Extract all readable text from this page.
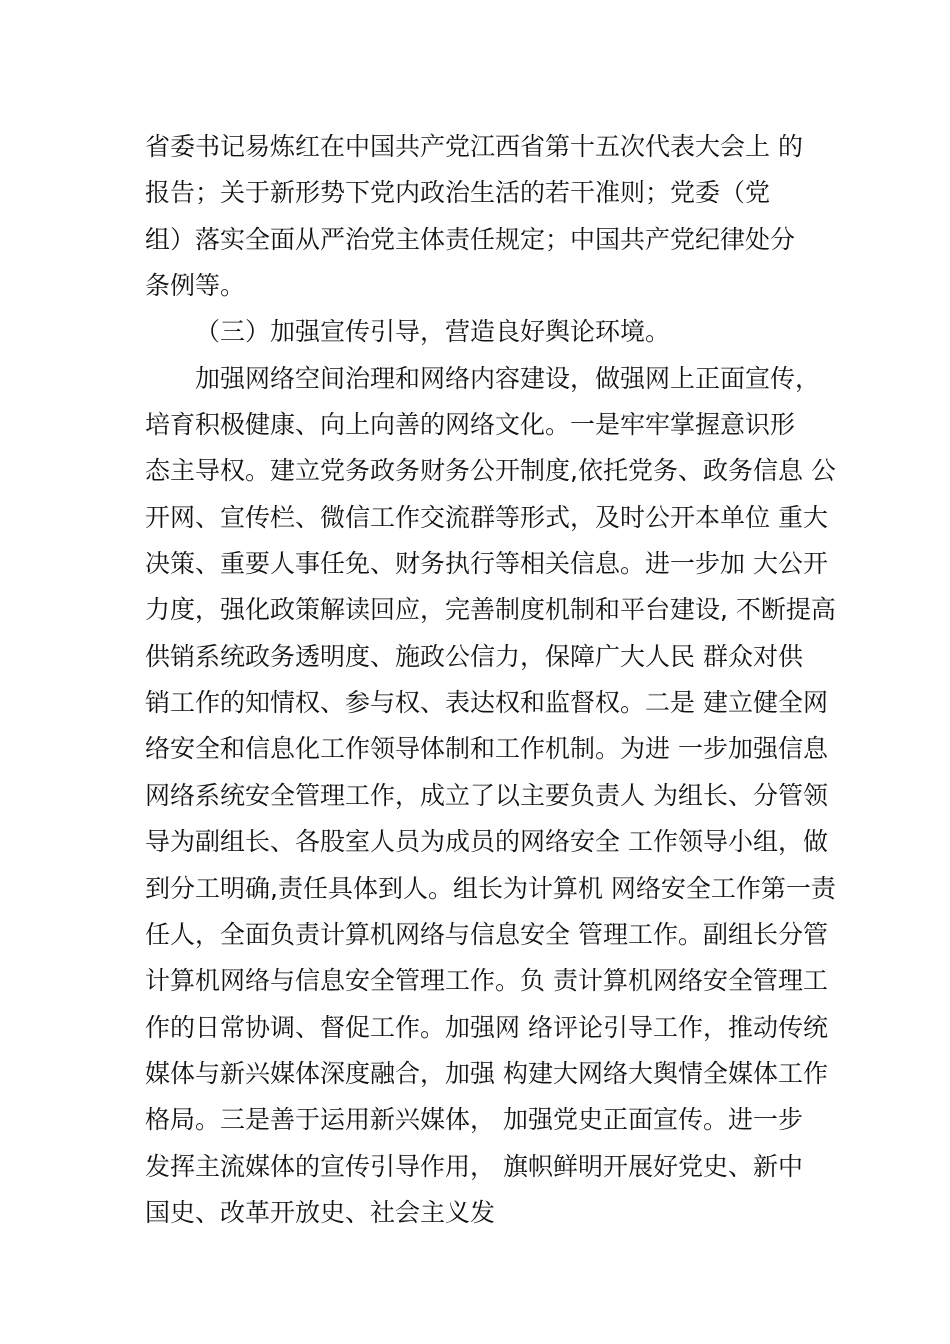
省委书记易炼红在中国共产党江西省第十五次代表大会上 的
报告；关于新形势下党内政治生活的若干准则；党委（党
组）落实全面从严治党主体责任规定；中国共产党纪律处分
条例等。
（三）加强宣传引导，营造良好舆论环境。
加强网络空间治理和网络内容建设，做强网上正面宣传，
培育积极健康、向上向善的网络文化。一是牢牢掌握意识形
态主导权。建立党务政务财务公开制度,依托党务、政务信息 公
开网、宣传栏、微信工作交流群等形式，及时公开本单位 重大
决策、重要人事任免、财务执行等相关信息。进一步加 大公开
力度，强化政策解读回应，完善制度机制和平台建设, 不断提高
供销系统政务透明度、施政公信力，保障广大人民 群众对供
销工作的知情权、参与权、表达权和监督权。二是 建立健全网
络安全和信息化工作领导体制和工作机制。为进 一步加强信息
网络系统安全管理工作，成立了以主要负责人 为组长、分管领
导为副组长、各股室人员为成员的网络安全 工作领导小组，做
到分工明确,责任具体到人。组长为计算机 网络安全工作第一责
任人，全面负责计算机网络与信息安全 管理工作。副组长分管
计算机网络与信息安全管理工作。负 责计算机网络安全管理工
作的日常协调、督促工作。加强网 络评论引导工作，推动传统
媒体与新兴媒体深度融合，加强 构建大网络大舆情全媒体工作
格局。三是善于运用新兴媒体， 加强党史正面宣传。进一步
发挥主流媒体的宣传引导作用， 旗帜鲜明开展好党史、新中
国史、改革开放史、社会主义发
